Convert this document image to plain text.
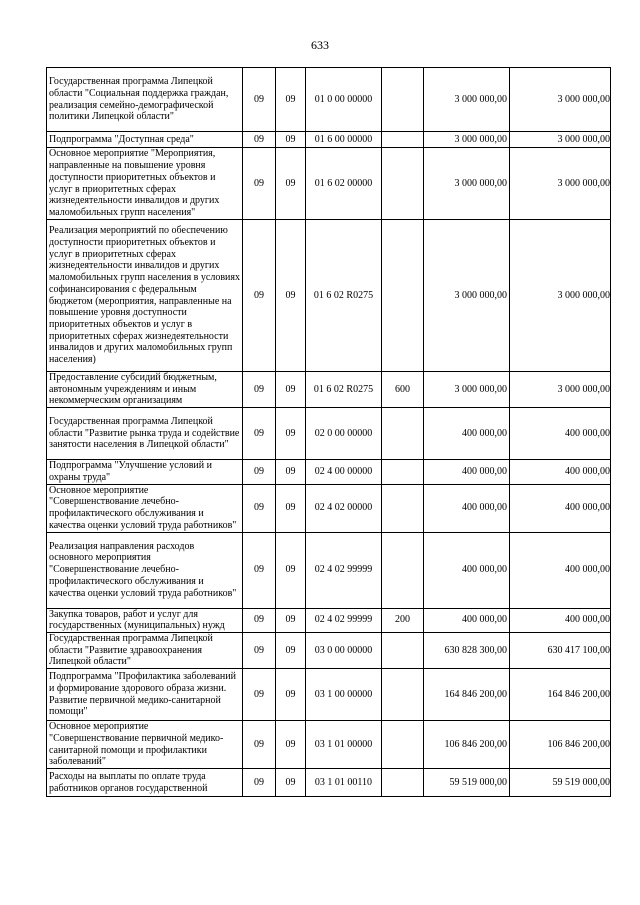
633
Государственная программа Липецкой области "Социальная поддержка граждан, реализация семейно-демографической политики Липецкой области"	09	09	01 0 00 00000		3 000 000,00	3 000 000,00
Подпрограмма "Доступная среда"	09	09	01 6 00 00000		3 000 000,00	3 000 000,00
Основное мероприятие "Мероприятия, направленные на повышение уровня доступности приоритетных объектов и услуг в приоритетных сферах жизнедеятельности инвалидов и других маломобильных групп населения"	09	09	01 6 02 00000		3 000 000,00	3 000 000,00
Реализация мероприятий по обеспечению доступности приоритетных объектов и услуг в приоритетных сферах жизнедеятельности инвалидов и других маломобильных групп населения в условиях софинансирования с федеральным бюджетом (мероприятия, направленные на повышение уровня доступности приоритетных объектов и услуг в приоритетных сферах жизнедеятельности инвалидов и других маломобильных групп населения)	09	09	01 6 02 R0275		3 000 000,00	3 000 000,00
Предоставление субсидий бюджетным, автономным учреждениям и иным некоммерческим организациям	09	09	01 6 02 R0275	600	3 000 000,00	3 000 000,00
Государственная программа Липецкой области "Развитие рынка труда и содействие занятости населения в Липецкой области"	09	09	02 0 00 00000		400 000,00	400 000,00
Подпрограмма "Улучшение условий и охраны труда"	09	09	02 4 00 00000		400 000,00	400 000,00
Основное мероприятие "Совершенствование лечебно-профилактического обслуживания и качества оценки условий труда работников"	09	09	02 4 02 00000		400 000,00	400 000,00
Реализация направления расходов основного мероприятия "Совершенствование лечебно-профилактического обслуживания и качества оценки условий труда работников"	09	09	02 4 02 99999		400 000,00	400 000,00
Закупка товаров, работ и услуг для государственных (муниципальных) нужд	09	09	02 4 02 99999	200	400 000,00	400 000,00
Государственная программа Липецкой области "Развитие здравоохранения Липецкой области"	09	09	03 0 00 00000		630 828 300,00	630 417 100,00
Подпрограмма "Профилактика заболеваний и формирование здорового образа жизни. Развитие первичной медико-санитарной помощи"	09	09	03 1 00 00000		164 846 200,00	164 846 200,00
Основное мероприятие "Совершенствование первичной медико-санитарной помощи и профилактики заболеваний"	09	09	03 1 01 00000		106 846 200,00	106 846 200,00
Расходы на выплаты по оплате труда работников органов государственной	09	09	03 1 01 00110		59 519 000,00	59 519 000,00
